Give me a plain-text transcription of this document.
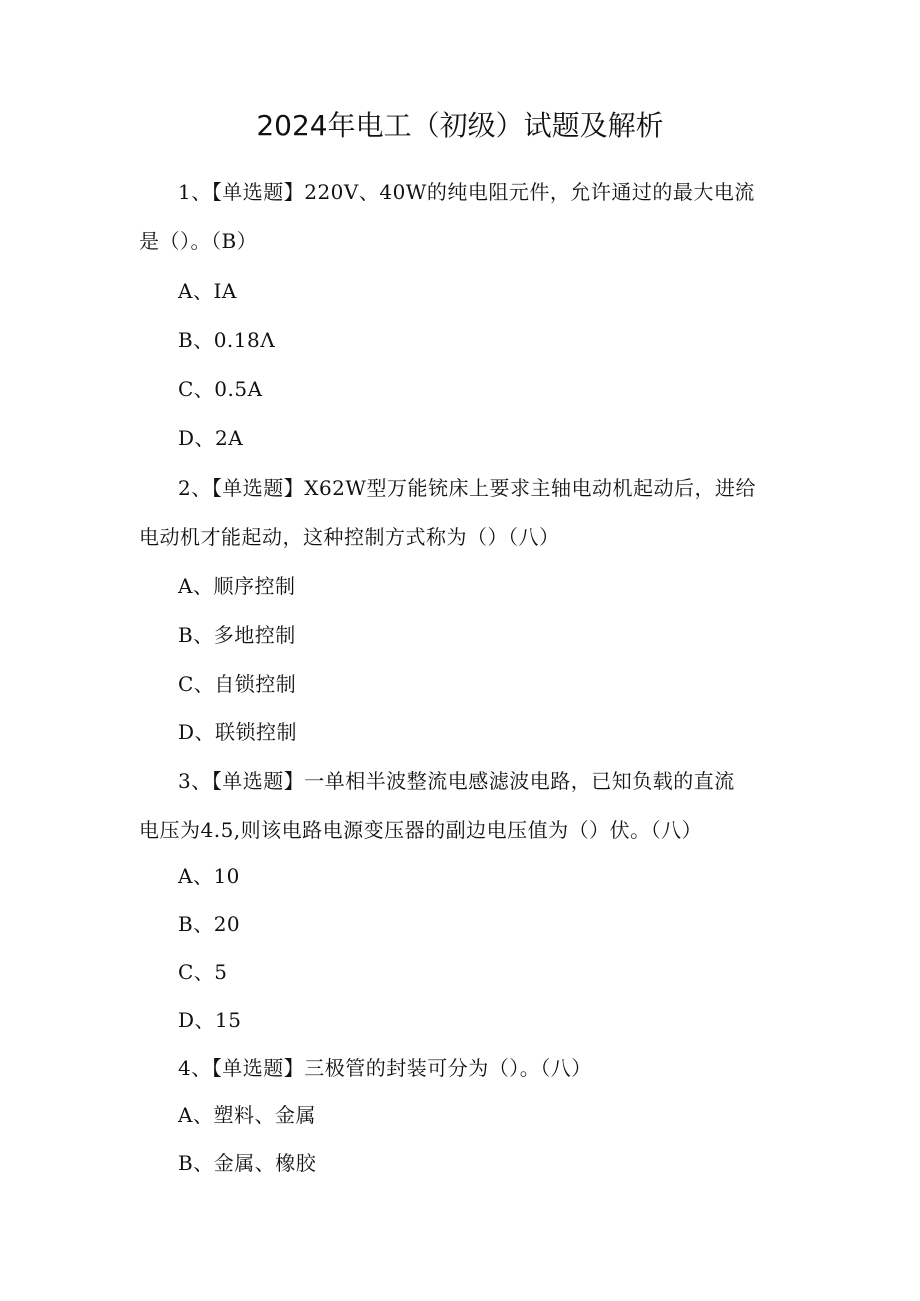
2024年电工（初级）试题及解析
1、【单选题】220V、40W的纯电阻元件，允许通过的最大电流
是（）。（B）
A、IA
B、0.18Λ
C、0.5A
D、2A
2、【单选题】X62W型万能铳床上要求主轴电动机起动后，进给
电动机才能起动，这种控制方式称为（）（八）
A、顺序控制
B、多地控制
C、自锁控制
D、联锁控制
3、【单选题】一单相半波整流电感滤波电路，已知负载的直流
电压为4.5,则该电路电源变压器的副边电压值为（）伏。（八）
A、10
B、20
C、5
D、15
4、【单选题】三极管的封装可分为（）。（八）
A、塑料、金属
B、金属、橡胶
